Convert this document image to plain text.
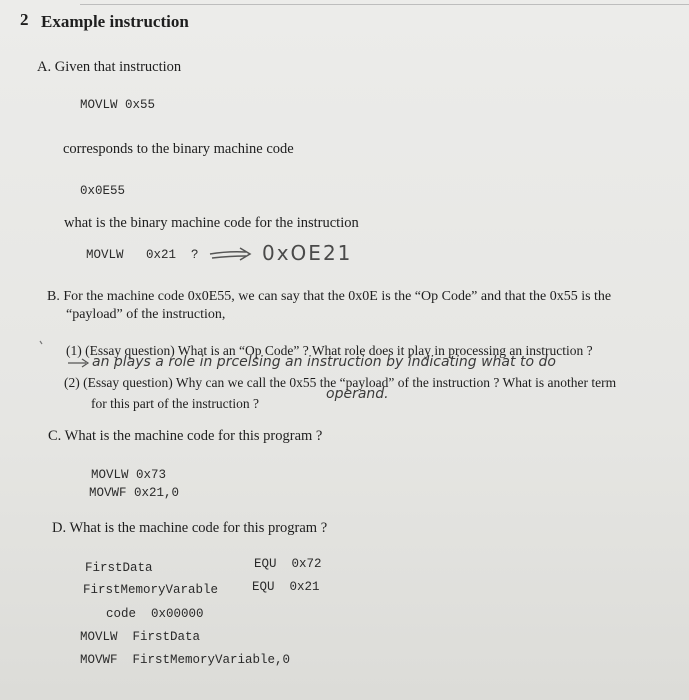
2 Example instruction
A. Given that instruction
MOVLW 0x55
corresponds to the binary machine code
0x0E55
what is the binary machine code for the instruction
MOVLW   0x21  ?	0xOE21
B. For the machine code 0x0E55, we can say that the 0x0E is the “Op Code” and that the 0x55 is the
“payload” of the instruction,
(1) (Essay question) What is an “Op Code” ? What role does it play in processing an instruction ?
an plays a role in prcelsing an instruction by indicating what to do
(2) (Essay question) Why can we call the 0x55 the “payload” of the instruction ? What is another term
for this part of the instruction ?
operand.
C. What is the machine code for this program ?
MOVLW 0x73
MOVWF 0x21,0
D. What is the machine code for this program ?
FirstData	EQU  0x72
FirstMemoryVarable	EQU  0x21
code  0x00000
MOVLW  FirstData
MOVWF  FirstMemoryVariable,0
